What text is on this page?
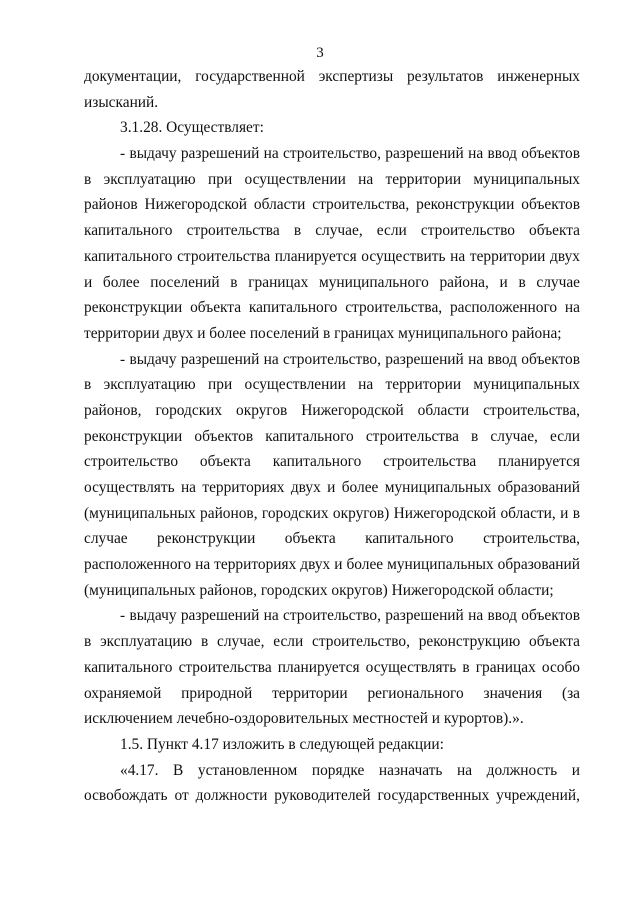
3
документации, государственной экспертизы результатов инженерных
изысканий.
3.1.28. Осуществляет:
- выдачу разрешений на строительство, разрешений на ввод объектов
в эксплуатацию при осуществлении на территории муниципальных
районов Нижегородской области строительства, реконструкции объектов
капитального строительства в случае, если строительство объекта
капитального строительства планируется осуществить на территории двух
и более поселений в границах муниципального района, и в случае
реконструкции объекта капитального строительства, расположенного на
территории двух и более поселений в границах муниципального района;
- выдачу разрешений на строительство, разрешений на ввод объектов
в эксплуатацию при осуществлении на территории муниципальных
районов, городских округов Нижегородской области строительства,
реконструкции объектов капитального строительства в случае, если
строительство объекта капитального строительства планируется
осуществлять на территориях двух и более муниципальных образований
(муниципальных районов, городских округов) Нижегородской области, и в
случае реконструкции объекта капитального строительства,
расположенного на территориях двух и более муниципальных образований
(муниципальных районов, городских округов) Нижегородской области;
- выдачу разрешений на строительство, разрешений на ввод объектов
в эксплуатацию в случае, если строительство, реконструкцию объекта
капитального строительства планируется осуществлять в границах особо
охраняемой природной территории регионального значения (за
исключением лечебно-оздоровительных местностей и курортов).».
1.5. Пункт 4.17 изложить в следующей редакции:
«4.17. В установленном порядке назначать на должность и
освобождать от должности руководителей государственных учреждений,
